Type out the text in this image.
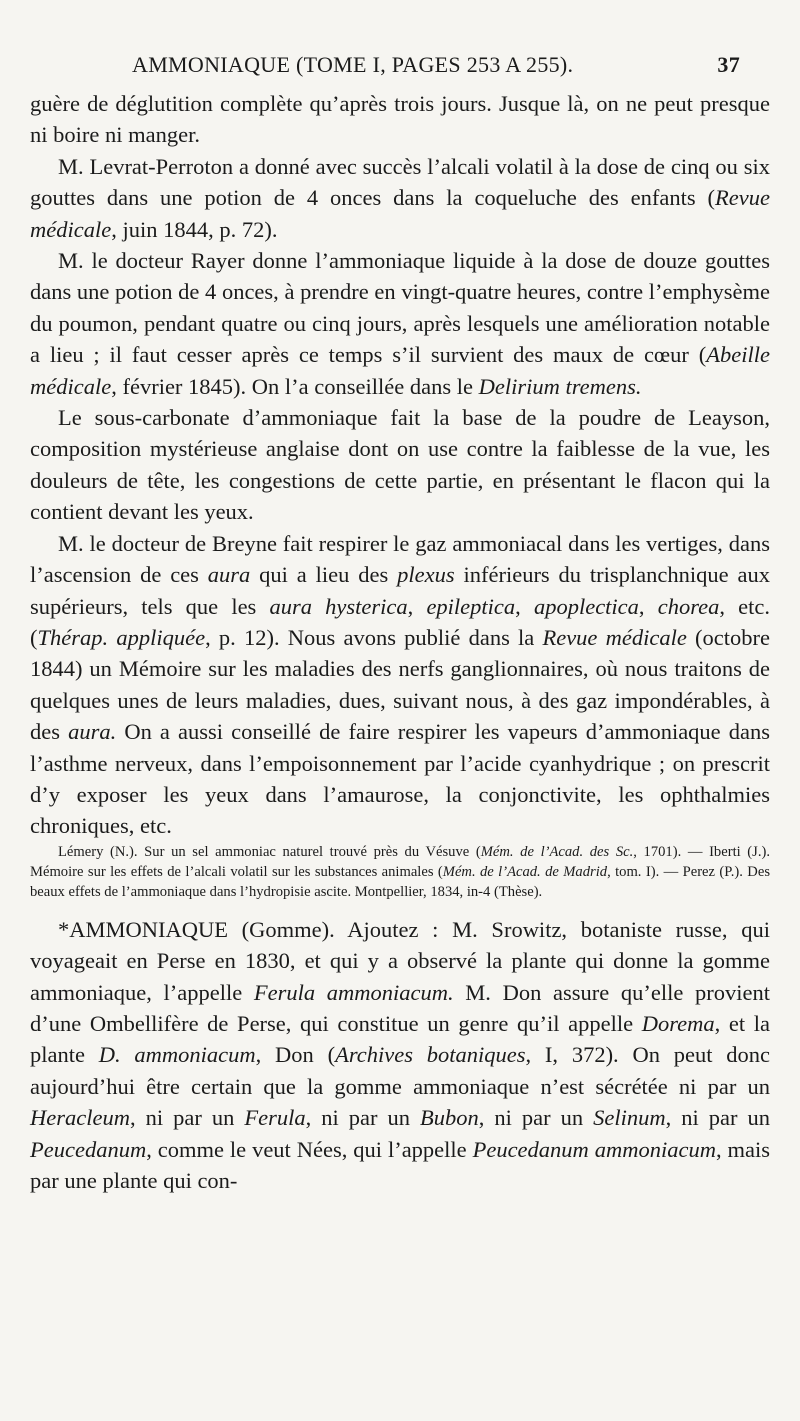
AMMONIAQUE (TOME I, PAGES 253 A 255).	37

guère de déglutition complète qu’après trois jours. Jusque là, on ne peut presque ni boire ni manger.

M. Levrat-Perroton a donné avec succès l’alcali volatil à la dose de cinq ou six gouttes dans une potion de 4 onces dans la coqueluche des enfants (Revue médicale, juin 1844, p. 72).

M. le docteur Rayer donne l’ammoniaque liquide à la dose de douze gouttes dans une potion de 4 onces, à prendre en vingt-quatre heures, contre l’emphysème du poumon, pendant quatre ou cinq jours, après lesquels une amélioration notable a lieu ; il faut cesser après ce temps s’il survient des maux de cœur (Abeille médicale, février 1845). On l’a conseillée dans le Delirium tremens.

Le sous-carbonate d’ammoniaque fait la base de la poudre de Leayson, composition mystérieuse anglaise dont on use contre la faiblesse de la vue, les douleurs de tête, les congestions de cette partie, en présentant le flacon qui la contient devant les yeux.

M. le docteur de Breyne fait respirer le gaz ammoniacal dans les vertiges, dans l’ascension de ces aura qui a lieu des plexus inférieurs du trisplanchnique aux supérieurs, tels que les aura hysterica, epileptica, apoplectica, chorea, etc. (Thérap. appliquée, p. 12). Nous avons publié dans la Revue médicale (octobre 1844) un Mémoire sur les maladies des nerfs ganglionnaires, où nous traitons de quelques unes de leurs maladies, dues, suivant nous, à des gaz impondérables, à des aura. On a aussi conseillé de faire respirer les vapeurs d’ammoniaque dans l’asthme nerveux, dans l’empoisonnement par l’acide cyanhydrique ; on prescrit d’y exposer les yeux dans l’amaurose, la conjonctivite, les ophthalmies chroniques, etc.

Lémery (N.). Sur un sel ammoniac naturel trouvé près du Vésuve (Mém. de l’Acad. des Sc., 1701). — Iberti (J.). Mémoire sur les effets de l’alcali volatil sur les substances animales (Mém. de l’Acad. de Madrid, tom. I). — Perez (P.). Des beaux effets de l’ammoniaque dans l’hydropisie ascite. Montpellier, 1834, in-4 (Thèse).

*AMMONIAQUE (Gomme). Ajoutez : M. Srowitz, botaniste russe, qui voyageait en Perse en 1830, et qui y a observé la plante qui donne la gomme ammoniaque, l’appelle Ferula ammoniacum. M. Don assure qu’elle provient d’une Ombellifère de Perse, qui constitue un genre qu’il appelle Dorema, et la plante D. ammoniacum, Don (Archives botaniques, I, 372). On peut donc aujourd’hui être certain que la gomme ammoniaque n’est sécrétée ni par un Heracleum, ni par un Ferula, ni par un Bubon, ni par un Selinum, ni par un Peucedanum, comme le veut Nées, qui l’appelle Peucedanum ammoniacum, mais par une plante qui con-
